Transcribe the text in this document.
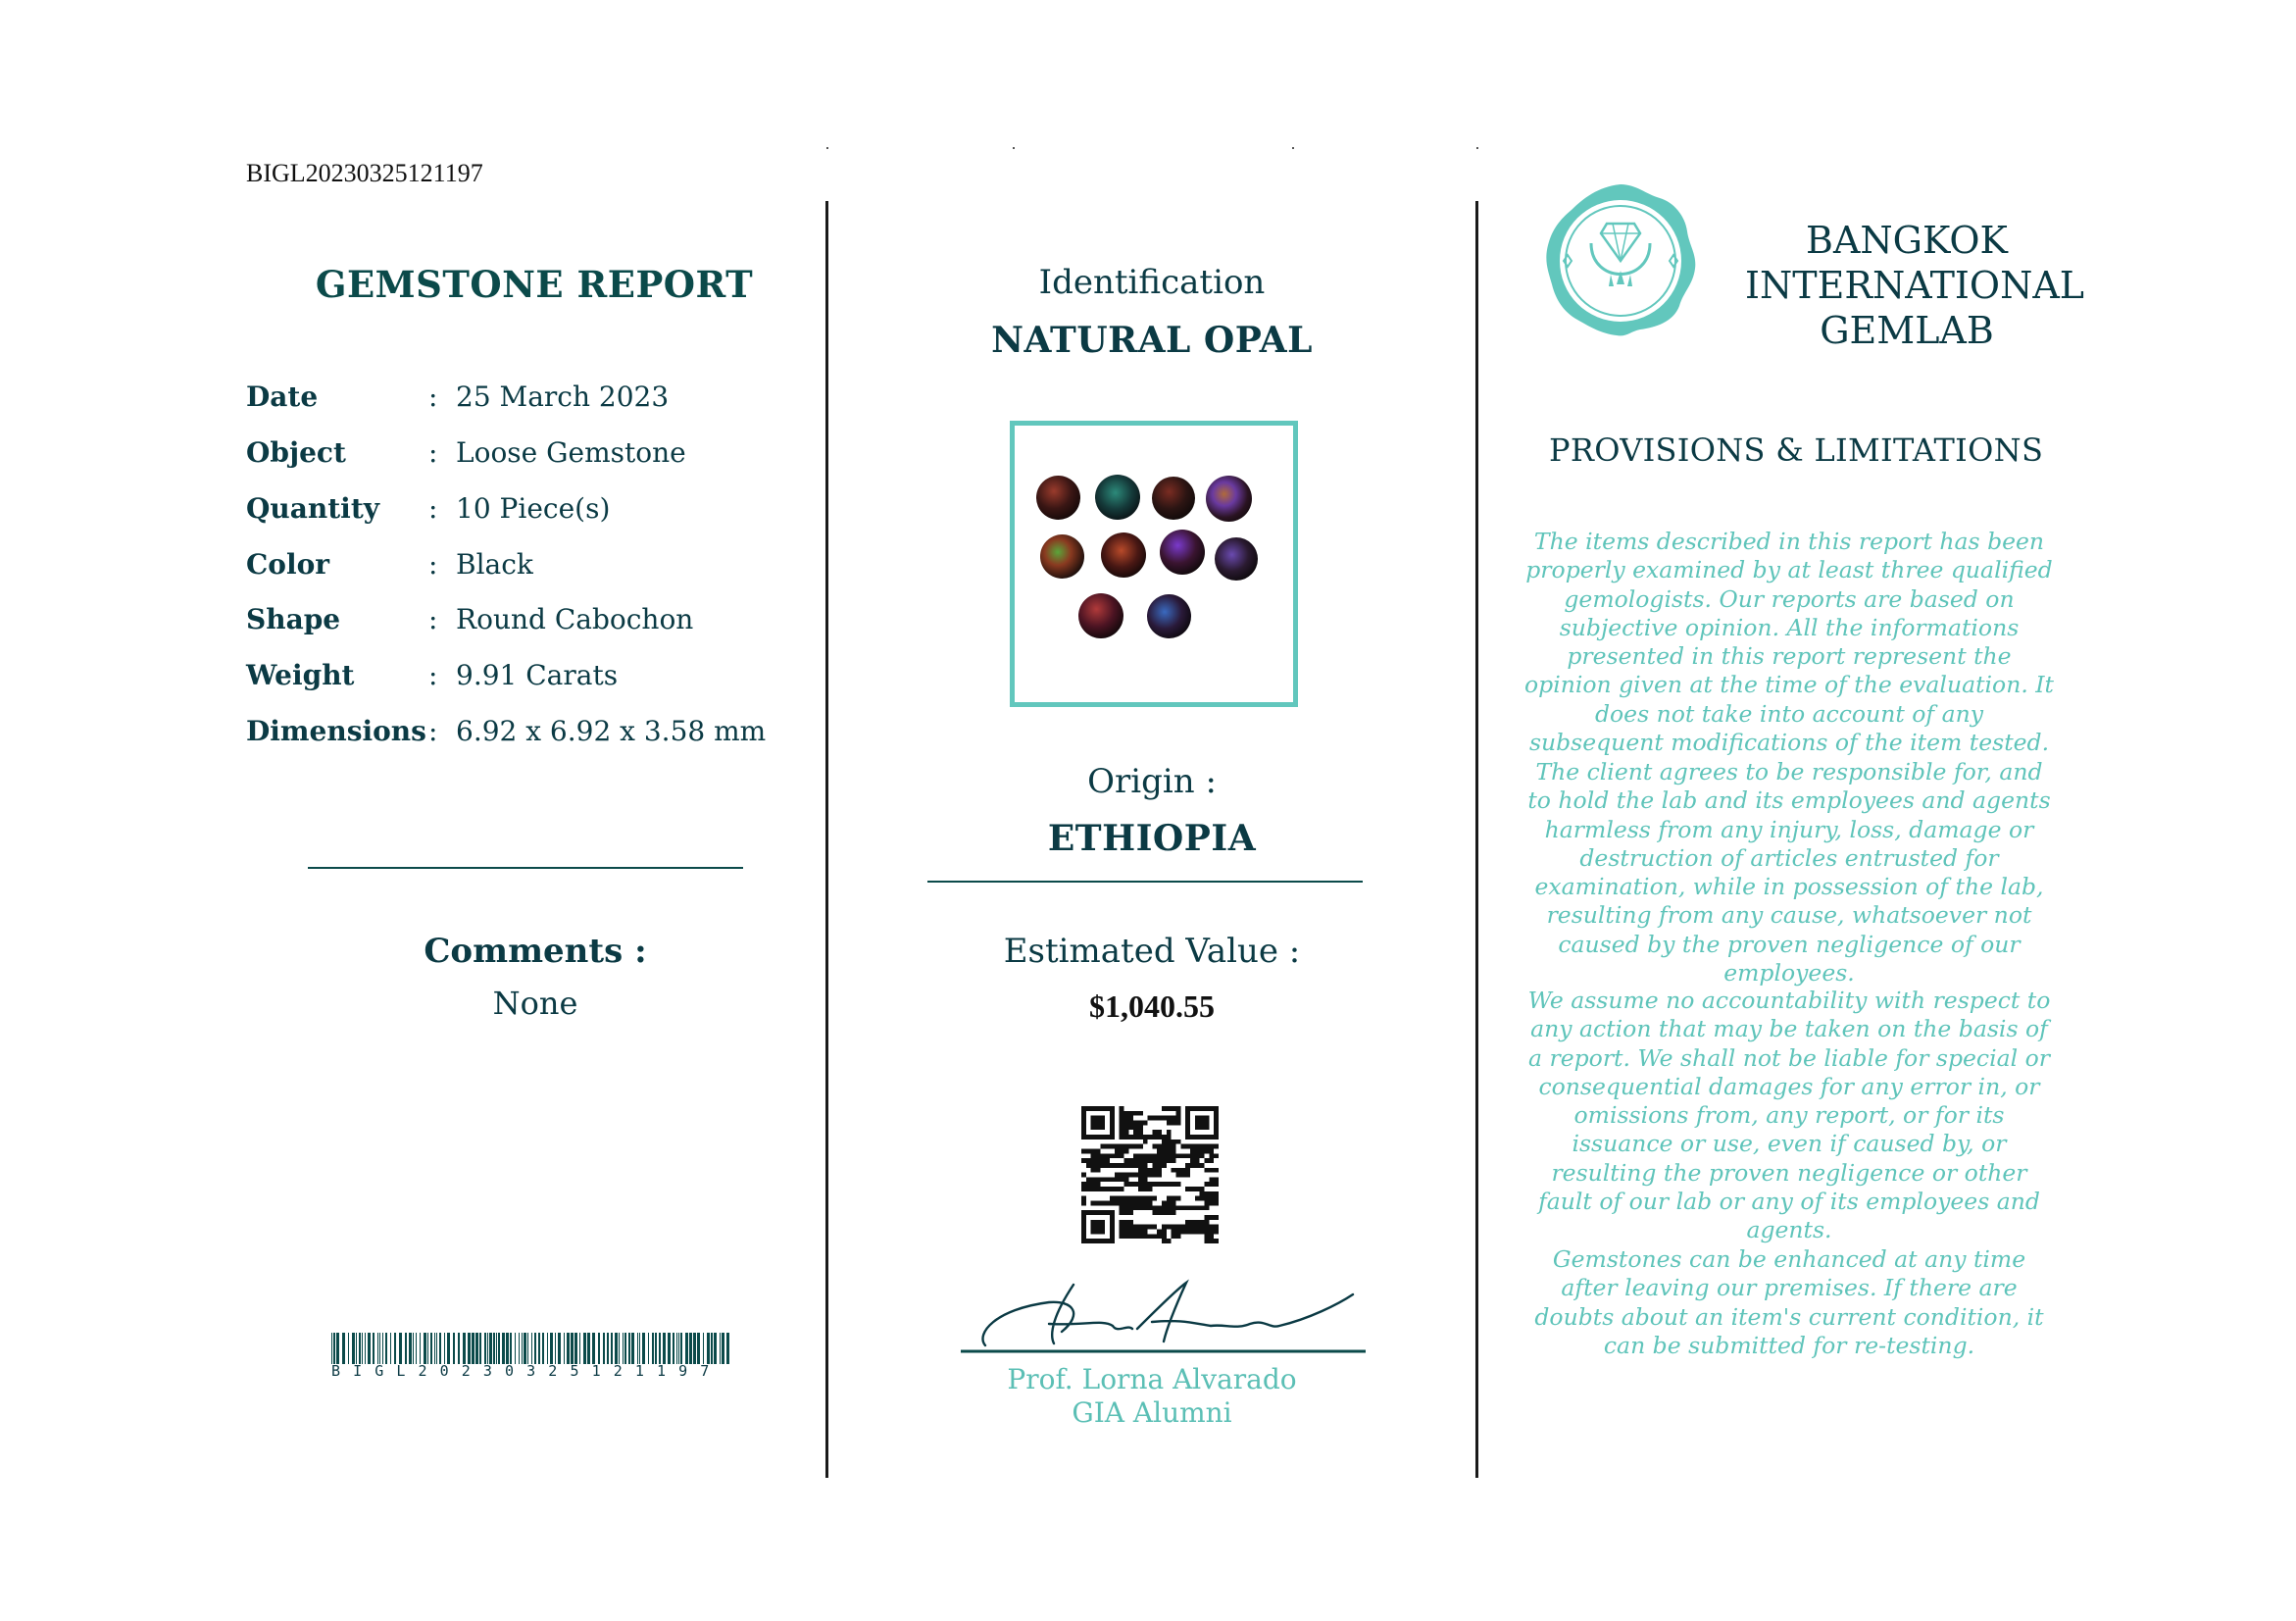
BIGL20230325121197
GEMSTONE REPORT
Date	: 25 March 2023
Object	: Loose Gemstone
Quantity	: 10 Piece(s)
Color	: Black
Shape	: Round Cabochon
Weight	: 9.91 Carats
Dimensions : 6.92 x 6.92 x 3.58 mm
Comments :
None
BIGL20230325121197
Identification
NATURAL OPAL
Origin :
ETHIOPIA
Estimated Value :
$1,040.55
Prof. Lorna Alvarado
GIA Alumni
BANGKOK
INTERNATIONAL
GEMLAB
PROVISIONS & LIMITATIONS
The items described in this report has been properly examined by at least three qualified gemologists. Our reports are based on subjective opinion. All the informations presented in this report represent the opinion given at the time of the evaluation. It does not take into account of any subsequent modifications of the item tested.
The client agrees to be responsible for, and to hold the lab and its employees and agents harmless from any injury, loss, damage or destruction of articles entrusted for examination, while in possession of the lab, resulting from any cause, whatsoever not caused by the proven negligence of our employees.
We assume no accountability with respect to any action that may be taken on the basis of a report. We shall not be liable for special or consequential damages for any error in, or omissions from, any report, or for its issuance or use, even if caused by, or resulting the proven negligence or other fault of our lab or any of its employees and agents.
Gemstones can be enhanced at any time after leaving our premises. If there are doubts about an item's current condition, it can be submitted for re-testing.
